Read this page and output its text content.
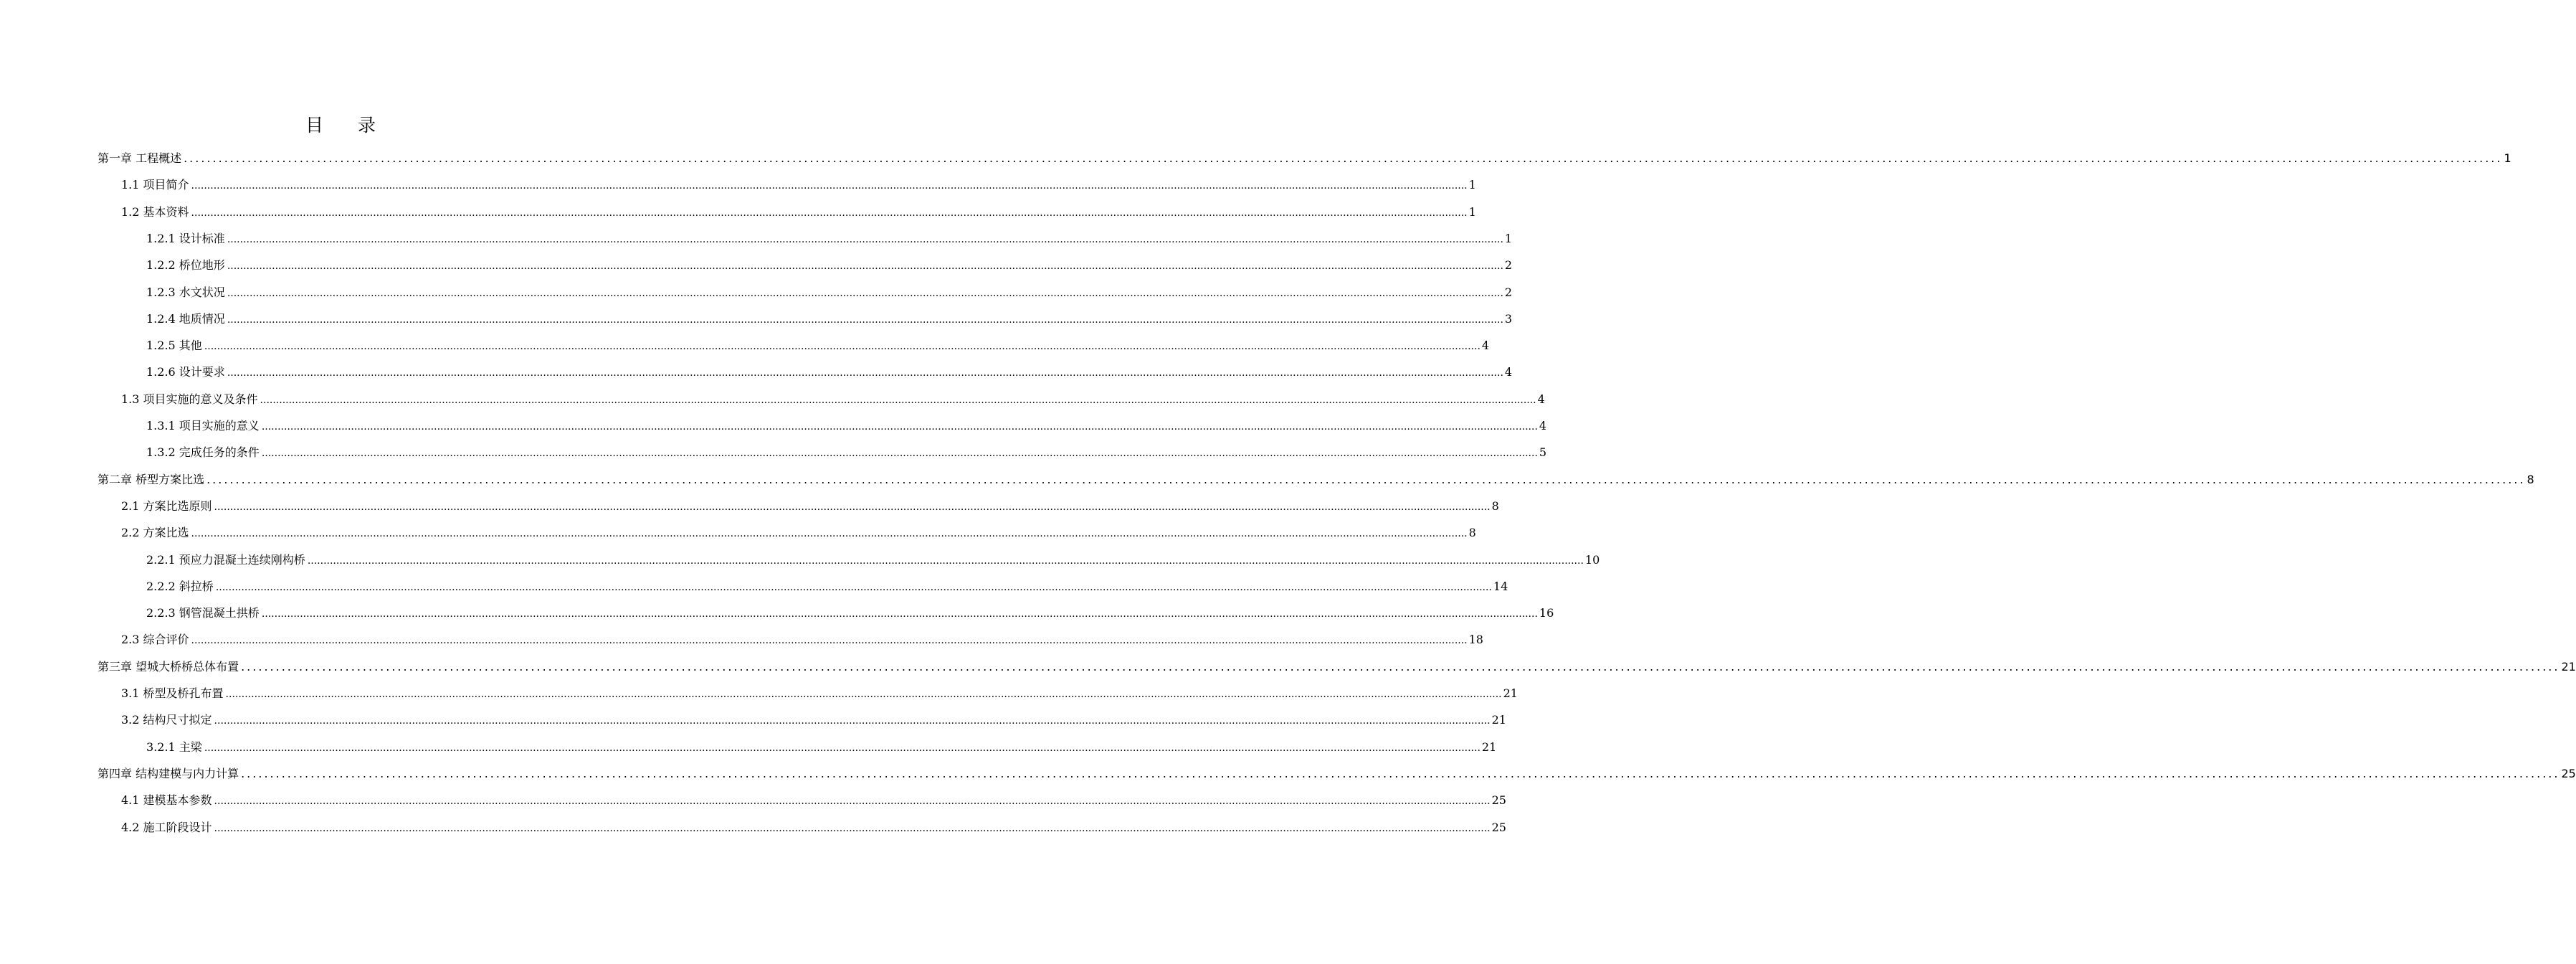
目录
第一章 工程概述 ................................................................................................................................................................................................................................................................................................................................................................................................................ 1
1.1 项目简介 ................................................................................................................................................................................................................................................................................................................................................................................................................ 1
1.2 基本资料 ................................................................................................................................................................................................................................................................................................................................................................................................................ 1
1.2.1 设计标准 ................................................................................................................................................................................................................................................................................................................................................................................................................ 1
1.2.2 桥位地形 ................................................................................................................................................................................................................................................................................................................................................................................................................ 2
1.2.3 水文状况 ................................................................................................................................................................................................................................................................................................................................................................................................................ 2
1.2.4 地质情况 ................................................................................................................................................................................................................................................................................................................................................................................................................ 3
1.2.5 其他 ................................................................................................................................................................................................................................................................................................................................................................................................................ 4
1.2.6 设计要求 ................................................................................................................................................................................................................................................................................................................................................................................................................ 4
1.3 项目实施的意义及条件 ................................................................................................................................................................................................................................................................................................................................................................................................................ 4
1.3.1 项目实施的意义 ................................................................................................................................................................................................................................................................................................................................................................................................................ 4
1.3.2 完成任务的条件 ................................................................................................................................................................................................................................................................................................................................................................................................................ 5
第二章 桥型方案比选 ................................................................................................................................................................................................................................................................................................................................................................................................................ 8
2.1 方案比选原则 ................................................................................................................................................................................................................................................................................................................................................................................................................ 8
2.2 方案比选 ................................................................................................................................................................................................................................................................................................................................................................................................................ 8
2.2.1 预应力混凝土连续刚构桥 ................................................................................................................................................................................................................................................................................................................................................................................................................ 10
2.2.2 斜拉桥 ................................................................................................................................................................................................................................................................................................................................................................................................................ 14
2.2.3 钢管混凝土拱桥 ................................................................................................................................................................................................................................................................................................................................................................................................................ 16
2.3 综合评价 ................................................................................................................................................................................................................................................................................................................................................................................................................ 18
第三章 望城大桥桥总体布置 ................................................................................................................................................................................................................................................................................................................................................................................................................ 21
3.1 桥型及桥孔布置 ................................................................................................................................................................................................................................................................................................................................................................................................................ 21
3.2 结构尺寸拟定 ................................................................................................................................................................................................................................................................................................................................................................................................................ 21
3.2.1 主梁 ................................................................................................................................................................................................................................................................................................................................................................................................................ 21
第四章 结构建模与内力计算 ................................................................................................................................................................................................................................................................................................................................................................................................................ 25
4.1 建模基本参数 ................................................................................................................................................................................................................................................................................................................................................................................................................ 25
4.2 施工阶段设计 ................................................................................................................................................................................................................................................................................................................................................................................................................ 25
